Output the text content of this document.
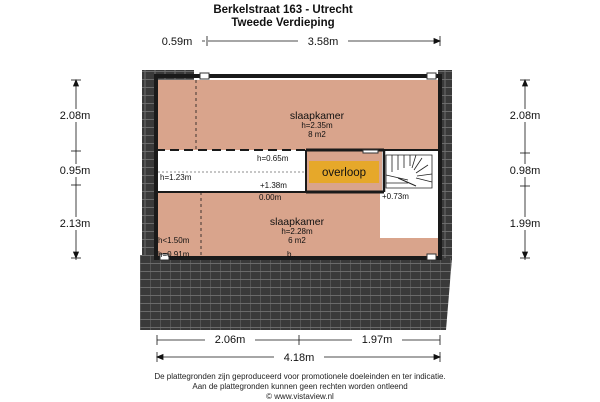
Berkelstraat 163 - Utrecht
Tweede Verdieping
slaapkamer
h=2.35m
8 m2
slaapkamer
h=2.28m
6 m2
overloop
h=0.65m
h=1.23m
+1.38m
0.00m	+0.73m
h<1.50m
h=0.91m	b..
0.59m	3.58m
2.08m
0.95m
2.13m
2.08m
0.98m
1.99m
2.06m	1.97m
4.18m
De plattegronden zijn geproduceerd voor promotionele doeleinden en ter indicatie.
Aan de plattegronden kunnen geen rechten worden ontleend
© www.vistaview.nl
